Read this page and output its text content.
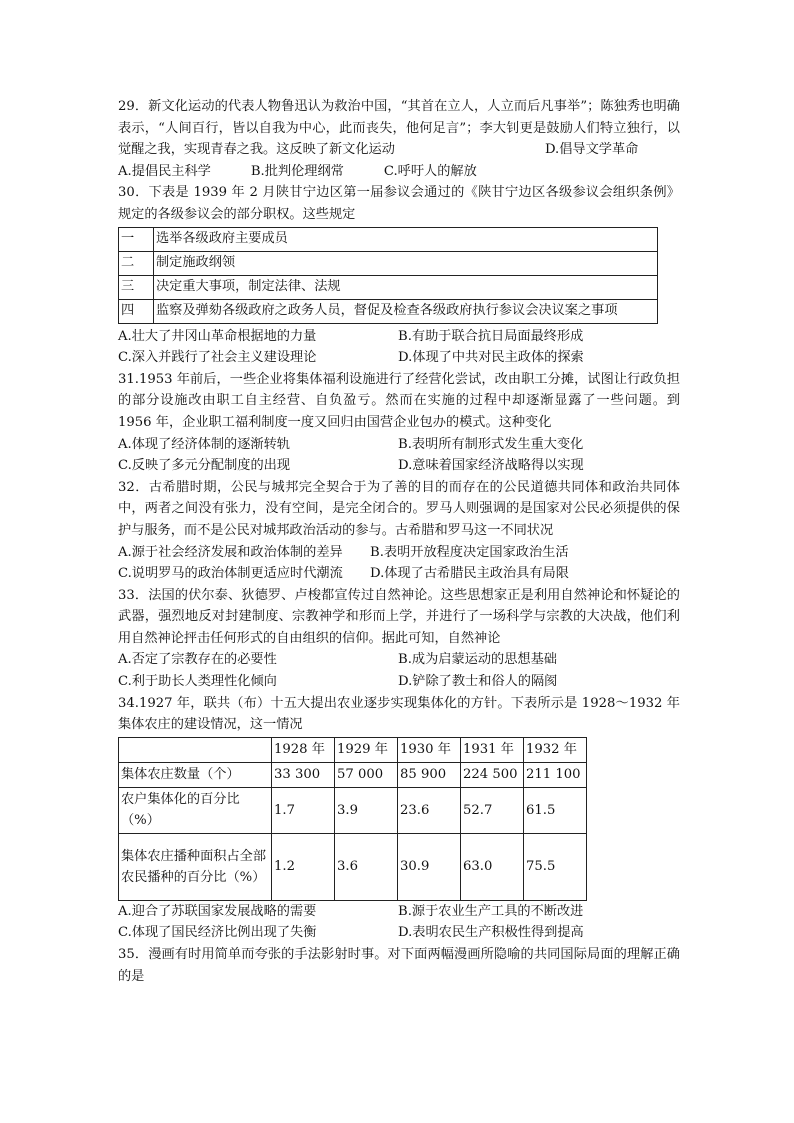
29．新文化运动的代表人物鲁迅认为救治中国，“其首在立人，人立而后凡事举”；陈独秀也明确表示，“人间百行，皆以自我为中心，此而丧失，他何足言”；李大钊更是鼓励人们特立独行，以觉醒之我，实现青春之我。这反映了新文化运动	D.倡导文学革命

A.提倡民主科学	B.批判伦理纲常	C.呼吁人的解放

30．下表是 1939 年 2 月陕甘宁边区第一届参议会通过的《陕甘宁边区各级参议会组织条例》规定的各级参议会的部分职权。这些规定

一	选举各级政府主要成员
二	制定施政纲领
三	决定重大事项，制定法律、法规
四	监察及弹劾各级政府之政务人员，督促及检查各级政府执行参议会决议案之事项
A.壮大了井冈山革命根据地的力量	B.有助于联合抗日局面最终形成
C.深入并践行了社会主义建设理论	D.体现了中共对民主政体的探索

31.1953 年前后，一些企业将集体福利设施进行了经营化尝试，改由职工分摊，试图让行政负担的部分设施改由职工自主经营、自负盈亏。然而在实施的过程中却逐渐显露了一些问题。到 1956 年，企业职工福利制度一度又回归由国营企业包办的模式。这种变化

A.体现了经济体制的逐渐转轨	B.表明所有制形式发生重大变化
C.反映了多元分配制度的出现	D.意味着国家经济战略得以实现

32．古希腊时期，公民与城邦完全契合于为了善的目的而存在的公民道德共同体和政治共同体中，两者之间没有张力，没有空间，是完全闭合的。罗马人则强调的是国家对公民必须提供的保护与服务，而不是公民对城邦政治活动的参与。古希腊和罗马这一不同状况

A.源于社会经济发展和政治体制的差异	B.表明开放程度决定国家政治生活
C.说明罗马的政治体制更适应时代潮流	D.体现了古希腊民主政治具有局限

33．法国的伏尔泰、狄德罗、卢梭都宣传过自然神论。这些思想家正是利用自然神论和怀疑论的武器，强烈地反对封建制度、宗教神学和形而上学，并进行了一场科学与宗教的大决战，他们利用自然神论抨击任何形式的自由组织的信仰。据此可知，自然神论

A.否定了宗教存在的必要性	B.成为启蒙运动的思想基础
C.利于助长人类理性化倾向	D.铲除了教士和俗人的隔阂

34.1927 年，联共（布）十五大提出农业逐步实现集体化的方针。下表所示是 1928～1932 年集体农庄的建设情况，这一情况

	1928 年	1929 年	1930 年	1931 年	1932 年
集体农庄数量（个）	33 300	57 000	85 900	224 500	211 100
农户集体化的百分比（%）	1.7	3.9	23.6	52.7	61.5
集体农庄播种面积占全部农民播种的百分比（%）	1.2	3.6	30.9	63.0	75.5
A.迎合了苏联国家发展战略的需要	B.源于农业生产工具的不断改进
C.体现了国民经济比例出现了失衡	D.表明农民生产积极性得到提高

35．漫画有时用简单而夸张的手法影射时事。对下面两幅漫画所隐喻的共同国际局面的理解正确的是
